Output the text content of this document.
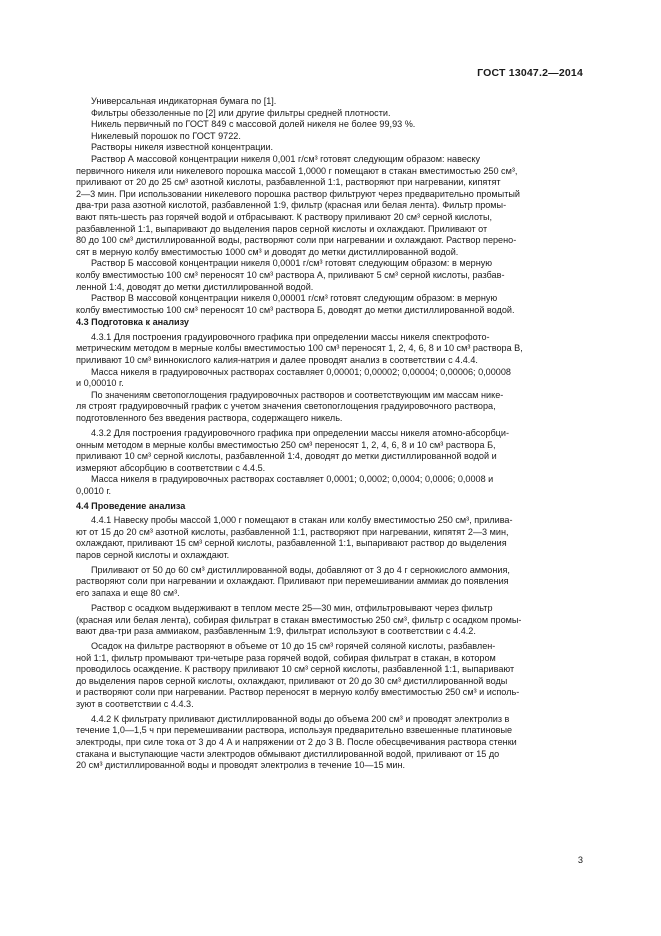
ГОСТ 13047.2—2014

Универсальная индикаторная бумага по [1].

Фильтры обеззоленные по [2] или другие фильтры средней плотности.

Никель первичный по ГОСТ 849 с массовой долей никеля не более 99,93 %.

Никелевый порошок по ГОСТ 9722.

Растворы никеля известной концентрации.

Раствор А массовой концентрации никеля 0,001 г/см³ готовят следующим образом: навеску
первичного никеля или никелевого порошка массой 1,0000 г помещают в стакан вместимостью 250 см³,
приливают от 20 до 25 см³ азотной кислоты, разбавленной 1:1, растворяют при нагревании, кипятят
2—3 мин. При использовании никелевого порошка раствор фильтруют через предварительно промытый
два-три раза азотной кислотой, разбавленной 1:9, фильтр (красная или белая лента). Фильтр промы-
вают пять-шесть раз горячей водой и отбрасывают. К раствору приливают 20 см³ серной кислоты,
разбавленной 1:1, выпаривают до выделения паров серной кислоты и охлаждают. Приливают от
80 до 100 см³ дистиллированной воды, растворяют соли при нагревании и охлаждают. Раствор перено-
сят в мерную колбу вместимостью 1000 см³ и доводят до метки дистиллированной водой.

Раствор Б массовой концентрации никеля 0,0001 г/см³ готовят следующим образом: в мерную
колбу вместимостью 100 см³ переносят 10 см³ раствора А, приливают 5 см³ серной кислоты, разбав-
ленной 1:4, доводят до метки дистиллированной водой.

Раствор В массовой концентрации никеля 0,00001 г/см³ готовят следующим образом: в мерную
колбу вместимостью 100 см³ переносят 10 см³ раствора Б, доводят до метки дистиллированной водой.

4.3 Подготовка к анализу

4.3.1 Для построения градуировочного графика при определении массы никеля спектрофото-
метрическим методом в мерные колбы вместимостью 100 см³ переносят 1, 2, 4, 6, 8 и 10 см³ раствора В,
приливают 10 см³ виннокислого калия-натрия и далее проводят анализ в соответствии с 4.4.4.

Масса никеля в градуировочных растворах составляет 0,00001; 0,00002; 0,00004; 0,00006; 0,00008
и 0,00010 г.

По значениям светопоглощения градуировочных растворов и соответствующим им массам нике-
ля строят градуировочный график с учетом значения светопоглощения градуировочного раствора,
подготовленного без введения раствора, содержащего никель.

4.3.2 Для построения градуировочного графика при определении массы никеля атомно-абсорбци-
онным методом в мерные колбы вместимостью 250 см³ переносят 1, 2, 4, 6, 8 и 10 см³ раствора Б,
приливают 10 см³ серной кислоты, разбавленной 1:4, доводят до метки дистиллированной водой и
измеряют абсорбцию в соответствии с 4.4.5.

Масса никеля в градуировочных растворах составляет 0,0001; 0,0002; 0,0004; 0,0006; 0,0008 и
0,0010 г.

4.4 Проведение анализа

4.4.1 Навеску пробы массой 1,000 г помещают в стакан или колбу вместимостью 250 см³, прилива-
ют от 15 до 20 см³ азотной кислоты, разбавленной 1:1, растворяют при нагревании, кипятят 2—3 мин,
охлаждают, приливают 15 см³ серной кислоты, разбавленной 1:1, выпаривают раствор до выделения
паров серной кислоты и охлаждают.

Приливают от 50 до 60 см³ дистиллированной воды, добавляют от 3 до 4 г сернокислого аммония,
растворяют соли при нагревании и охлаждают. Приливают при перемешивании аммиак до появления
его запаха и еще 80 см³.

Раствор с осадком выдерживают в теплом месте 25—30 мин, отфильтровывают через фильтр
(красная или белая лента), собирая фильтрат в стакан вместимостью 250 см³, фильтр с осадком промы-
вают два-три раза аммиаком, разбавленным 1:9, фильтрат используют в соответствии с 4.4.2.

Осадок на фильтре растворяют в объеме от 10 до 15 см³ горячей соляной кислоты, разбавлен-
ной 1:1, фильтр промывают три-четыре раза горячей водой, собирая фильтрат в стакан, в котором
проводилось осаждение. К раствору приливают 10 см³ серной кислоты, разбавленной 1:1, выпаривают
до выделения паров серной кислоты, охлаждают, приливают от 20 до 30 см³ дистиллированной воды
и растворяют соли при нагревании. Раствор переносят в мерную колбу вместимостью 250 см³ и исполь-
зуют в соответствии с 4.4.3.

4.4.2 К фильтрату приливают дистиллированной воды до объема 200 см³ и проводят электролиз в
течение 1,0—1,5 ч при перемешивании раствора, используя предварительно взвешенные платиновые
электроды, при силе тока от 3 до 4 А и напряжении от 2 до 3 В. После обесцвечивания раствора стенки
стакана и выступающие части электродов обмывают дистиллированной водой, приливают от 15 до
20 см³ дистиллированной воды и проводят электролиз в течение 10—15 мин.

3
